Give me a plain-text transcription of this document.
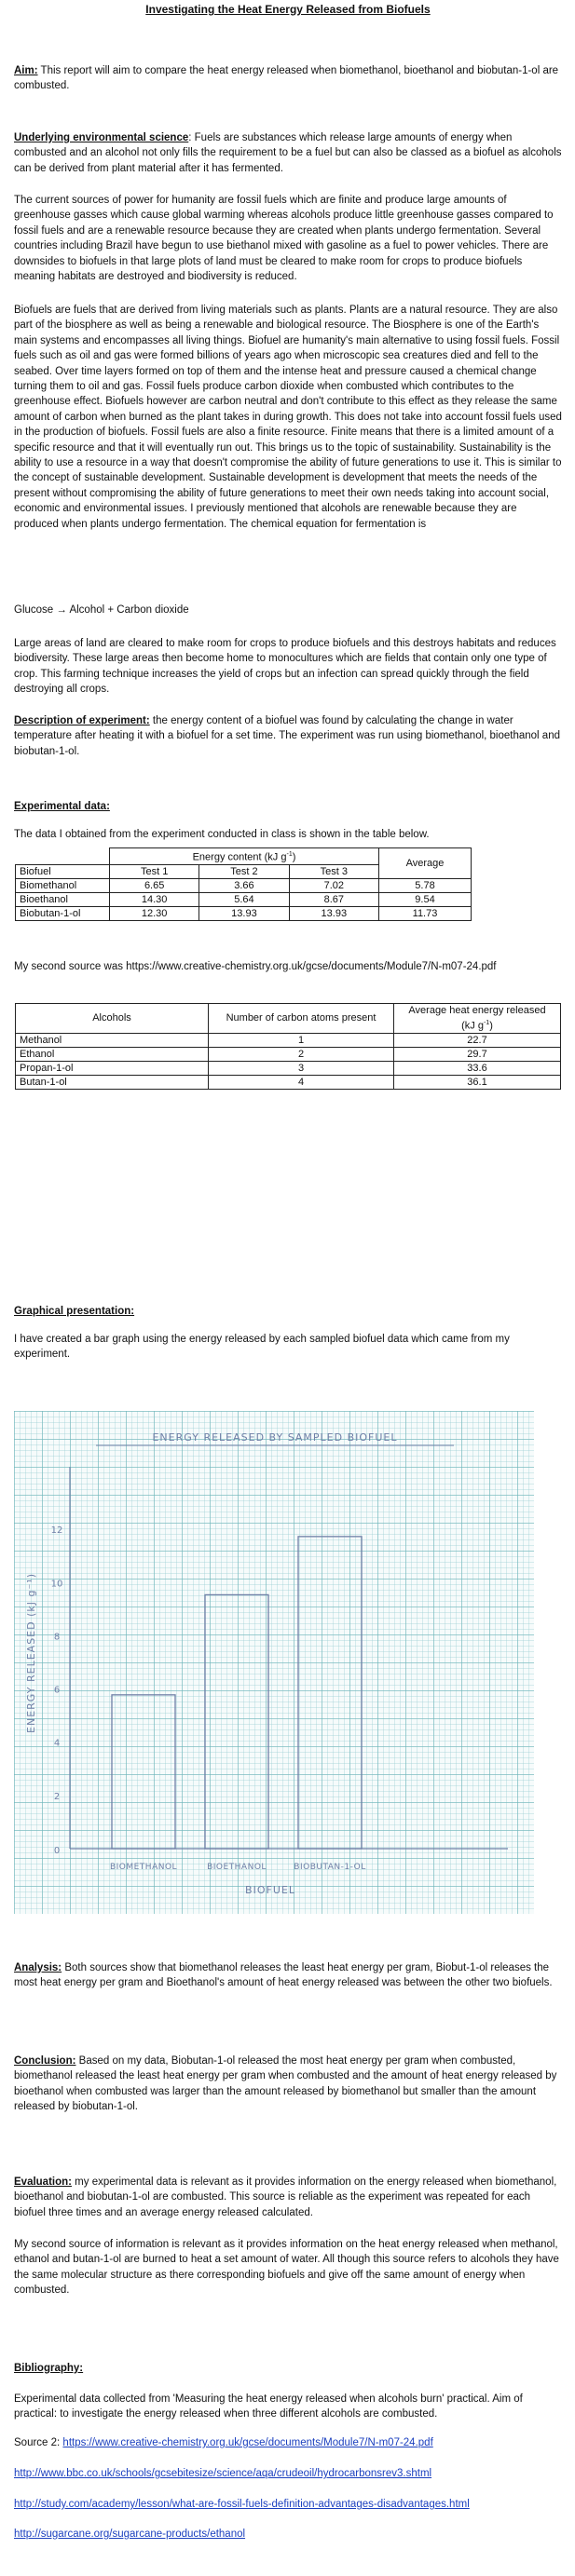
Investigating the Heat Energy Released from Biofuels

Aim: This report will aim to compare the heat energy released when biomethanol, bioethanol and biobutan-1-ol are combusted.

Underlying environmental science: Fuels are substances which release large amounts of energy when combusted and an alcohol not only fills the requirement to be a fuel but can also be classed as a biofuel as alcohols can be derived from plant material after it has fermented.

The current sources of power for humanity are fossil fuels which are finite and produce large amounts of greenhouse gasses which cause global warming whereas alcohols produce little greenhouse gasses compared to fossil fuels and are a renewable resource because they are created when plants undergo fermentation. Several countries including Brazil have begun to use biethanol mixed with gasoline as a fuel to power vehicles. There are downsides to biofuels in that large plots of land must be cleared to make room for crops to produce biofuels meaning habitats are destroyed and biodiversity is reduced.
Biofuels are fuels that are derived from living materials such as plants. Plants are a natural resource. They are also part of the biosphere as well as being a renewable and biological resource. The Biosphere is one of the Earth's main systems and encompasses all living things. Biofuel are humanity's main alternative to using fossil fuels. Fossil fuels such as oil and gas were formed billions of years ago when microscopic sea creatures died and fell to the seabed. Over time layers formed on top of them and the intense heat and pressure caused a chemical change turning them to oil and gas. Fossil fuels produce carbon dioxide when combusted which contributes to the greenhouse effect. Biofuels however are carbon neutral and don't contribute to this effect as they release the same amount of carbon when burned as the plant takes in during growth. This does not take into account fossil fuels used in the production of biofuels. Fossil fuels are also a finite resource. Finite means that there is a limited amount of a specific resource and that it will eventually run out. This brings us to the topic of sustainability. Sustainability is the ability to use a resource in a way that doesn't compromise the ability of future generations to use it. This is similar to the concept of sustainable development. Sustainable development is development that meets the needs of the present without compromising the ability of future generations to meet their own needs taking into account social, economic and environmental issues. I previously mentioned that alcohols are renewable because they are produced when plants undergo fermentation. The chemical equation for fermentation is
Glucose → Alcohol + Carbon dioxide
Large areas of land are cleared to make room for crops to produce biofuels and this destroys habitats and reduces biodiversity. These large areas then become home to monocultures which are fields that contain only one type of crop. This farming technique increases the yield of crops but an infection can spread quickly through the field destroying all crops.

Description of experiment: the energy content of a biofuel was found by calculating the change in water temperature after heating it with a biofuel for a set time. The experiment was run using biomethanol, bioethanol and biobutan-1-ol.

Experimental data:
The data I obtained from the experiment conducted in class is shown in the table below.
	Energy content (kJ $g^{-1}$)			Average
Biofuel	Test 1	Test 2	Test 3	
Biomethanol	6.65	3.66	7.02	5.78
Bioethanol	14.30	5.64	8.67	9.54
Biobutan-1-ol	12.30	13.93	13.93	11.73
My second source was https://www.creative-chemistry.org.uk/gcse/documents/Module7/N-m07-24.pdf
Alcohols	Number of carbon atoms present	Average heat energy released
(kJ $g^{-1}$)
Methanol	1	22.7
Ethanol	2	29.7
Propan-1-ol	3	33.6
Butan-1-ol	4	36.1
Graphical presentation:
I have created a bar graph using the energy released by each sampled biofuel data which came from my experiment.
ENERGY RELEASED BY SAMPLED BIOFUEL
0
2
4
6
8
10
12
BIOMETHANOL	BIOETHANOL	BIOBUTAN-1-OL
BIOFUEL
ENERGY RELEASED (kJ g⁻¹)

Analysis: Both sources show that biomethanol releases the least heat energy per gram, Biobut-1-ol releases the most heat energy per gram and Bioethanol's amount of heat energy released was between the other two biofuels.

Conclusion: Based on my data, Biobutan-1-ol released the most heat energy per gram when combusted, biomethanol released the least heat energy per gram when combusted and the amount of heat energy released by bioethanol when combusted was larger than the amount released by biomethanol but smaller than the amount released by biobutan-1-ol.

Evaluation: my experimental data is relevant as it provides information on the energy released when biomethanol, bioethanol and biobutan-1-ol are combusted. This source is reliable as the experiment was repeated for each biofuel three times and an average energy released calculated.

My second source of information is relevant as it provides information on the heat energy released when methanol, ethanol and butan-1-ol are burned to heat a set amount of water. All though this source refers to alcohols they have the same molecular structure as there corresponding biofuels and give off the same amount of energy when combusted.
Bibliography:
Experimental data collected from 'Measuring the heat energy released when alcohols burn' practical. Aim of practical: to investigate the energy released when three different alcohols are combusted.
Source 2: https://www.creative-chemistry.org.uk/gcse/documents/Module7/N-m07-24.pdf
http://www.bbc.co.uk/schools/gcsebitesize/science/aqa/crudeoil/hydrocarbonsrev3.shtml
http://study.com/academy/lesson/what-are-fossil-fuels-definition-advantages-disadvantages.html
http://sugarcane.org/sugarcane-products/ethanol
